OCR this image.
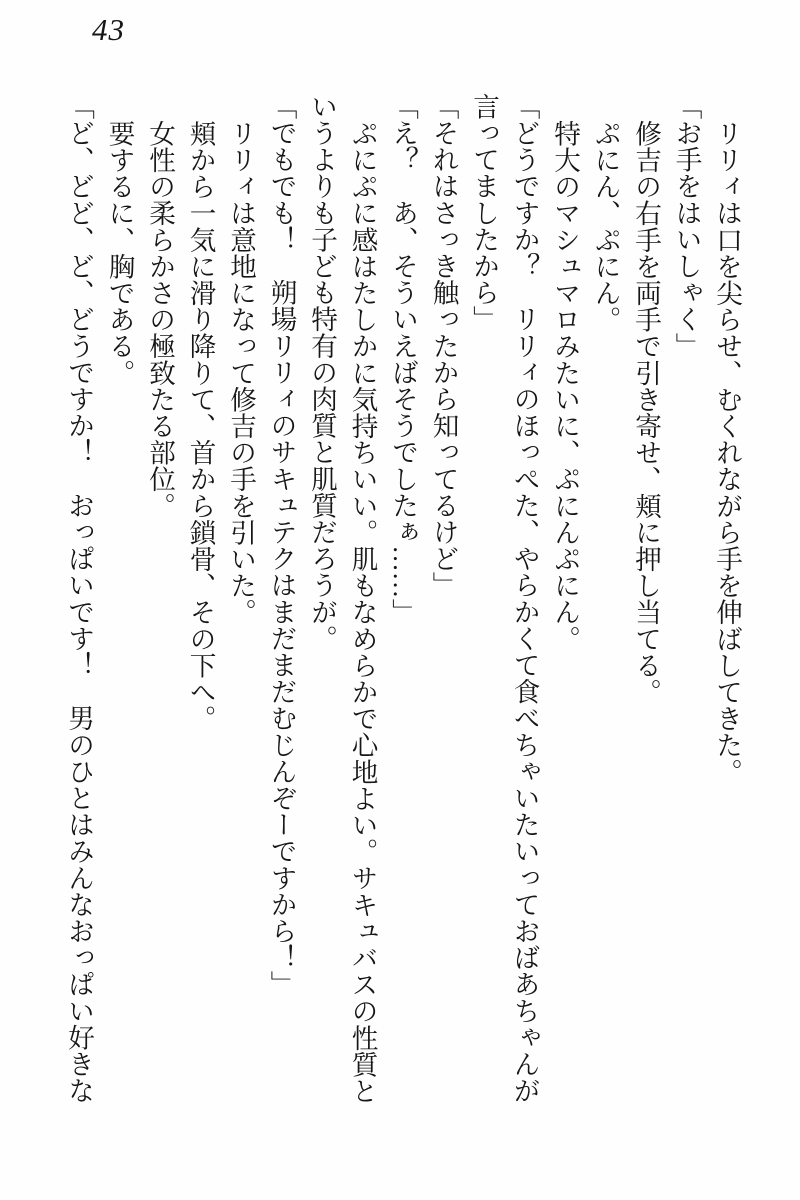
43

リリィは口を尖らせ、むくれながら手を伸ばしてきた。

「お手をはいしゃく」

修吉の右手を両手で引き寄せ、頬に押し当てる。

ぷにん、ぷにん。

特大のマシュマロみたいに、ぷにんぷにん。

「どうですか？　リリィのほっぺた、やらかくて食べちゃいたいっておばあちゃんが言ってましたから」

「それはさっき触ったから知ってるけど」

「え？　あ、そういえばそうでしたぁ……」

ぷにぷに感はたしかに気持ちいい。肌もなめらかで心地よい。サキュバスの性質というよりも子ども特有の肉質と肌質だろうが。

「でもでも！　朔場リリィのサキュテクはまだまだむじんぞーですから！」

リリィは意地になって修吉の手を引いた。

頬から一気に滑り降りて、首から鎖骨、その下へ。

女性の柔らかさの極致たる部位。

要するに、胸である。

「ど、どど、ど、どうですか！　おっぱいです！　男のひとはみんなおっぱい好きな
